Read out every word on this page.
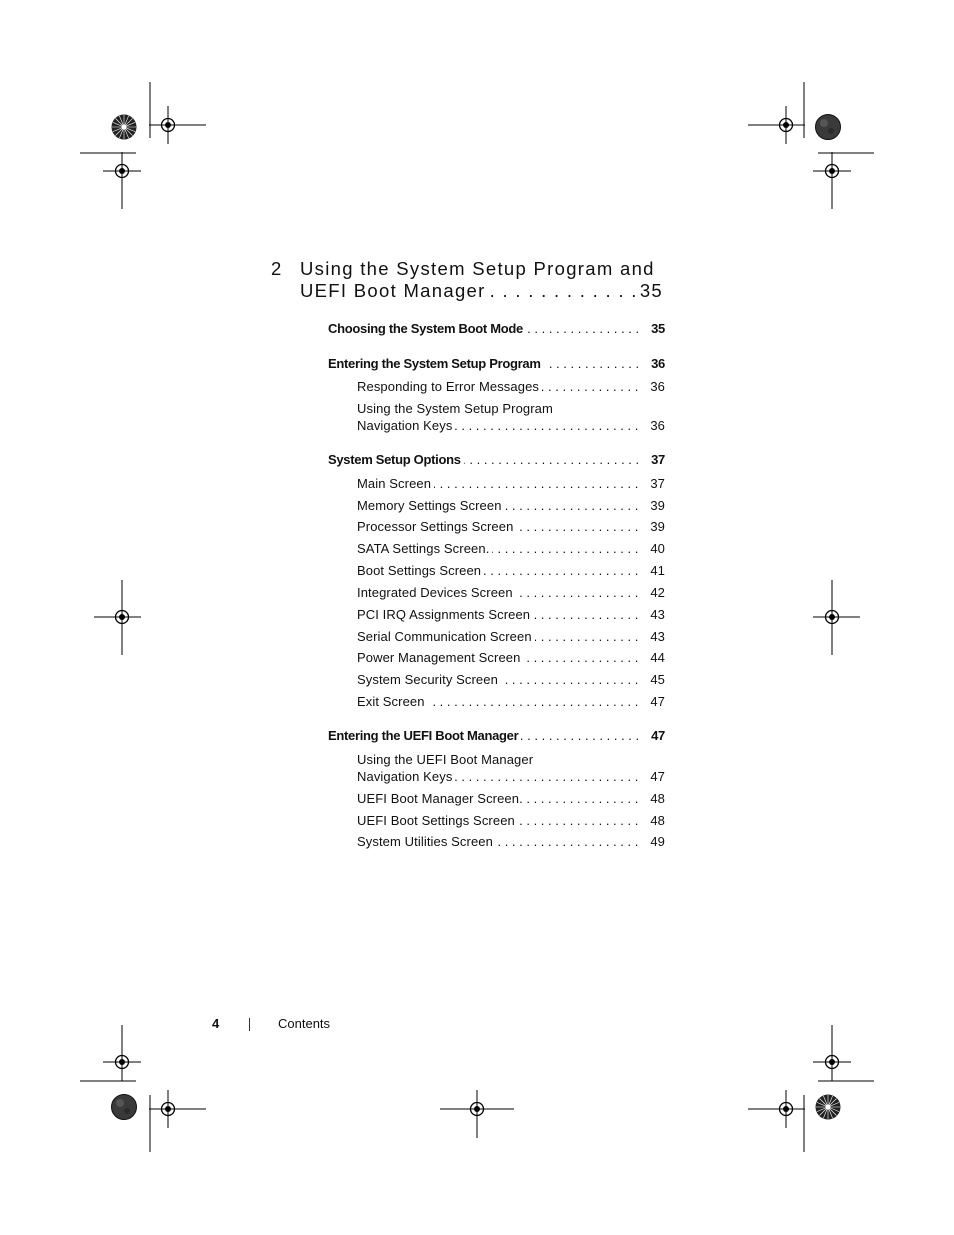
2 Using the System Setup Program and
UEFI Boot Manager . . .	35
Choosing the System Boot Mode . . .	35
Entering the System Setup Program . . .	36
Responding to Error Messages . . .	36
Using the System Setup Program
Navigation Keys . . .	36
System Setup Options . . .	37
Main Screen . . .	37
Memory Settings Screen . . .	39
Processor Settings Screen . . .	39
SATA Settings Screen. . . .	40
Boot Settings Screen . . .	41
Integrated Devices Screen . . .	42
PCI IRQ Assignments Screen . . .	43
Serial Communication Screen . . .	43
Power Management Screen . . .	44
System Security Screen . . .	45
Exit Screen . . .	47
Entering the UEFI Boot Manager . . .	47
Using the UEFI Boot Manager
Navigation Keys . . .	47
UEFI Boot Manager Screen. . . .	48
UEFI Boot Settings Screen . . .	48
System Utilities Screen . . .	49
4	Contents
